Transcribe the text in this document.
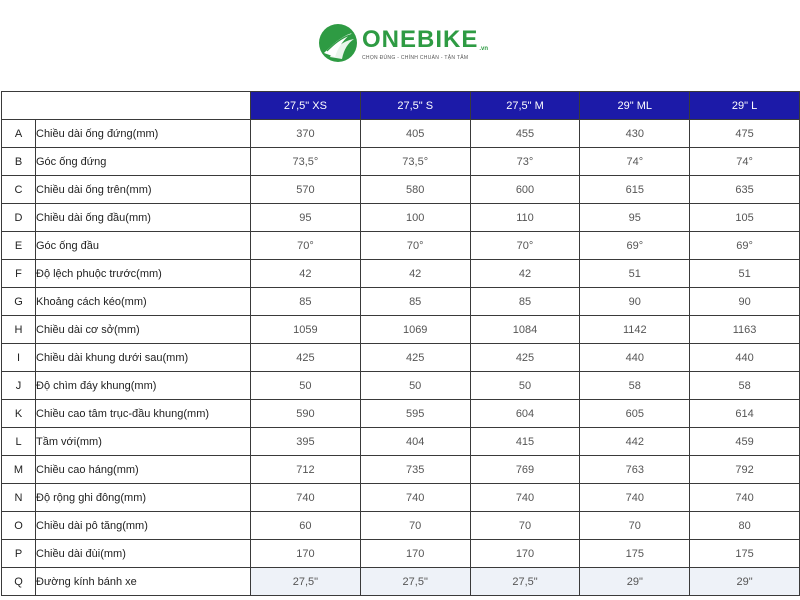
ONEBIKE .vn
CHỌN ĐÚNG - CHÍNH CHUẨN - TẬN TÂM
		27,5" XS	27,5" S	27,5" M	29" ML	29" L
A	Chiều dài ống đứng(mm)	370	405	455	430	475
B	Góc ống đứng	73,5°	73,5°	73°	74°	74°
C	Chiều dài ống trên(mm)	570	580	600	615	635
D	Chiều dài ống đầu(mm)	95	100	110	95	105
E	Góc ống đầu	70°	70°	70°	69°	69°
F	Độ lệch phuộc trước(mm)	42	42	42	51	51
G	Khoảng cách kéo(mm)	85	85	85	90	90
H	Chiều dài cơ sở(mm)	1059	1069	1084	1142	1163
I	Chiều dài khung dưới sau(mm)	425	425	425	440	440
J	Độ chìm đáy khung(mm)	50	50	50	58	58
K	Chiều cao tâm trục-đầu khung(mm)	590	595	604	605	614
L	Tầm với(mm)	395	404	415	442	459
M	Chiều cao háng(mm)	712	735	769	763	792
N	Độ rộng ghi đông(mm)	740	740	740	740	740
O	Chiều dài pô tăng(mm)	60	70	70	70	80
P	Chiều dài đùi(mm)	170	170	170	175	175
Q	Đường kính bánh xe	27,5"	27,5"	27,5"	29"	29"
